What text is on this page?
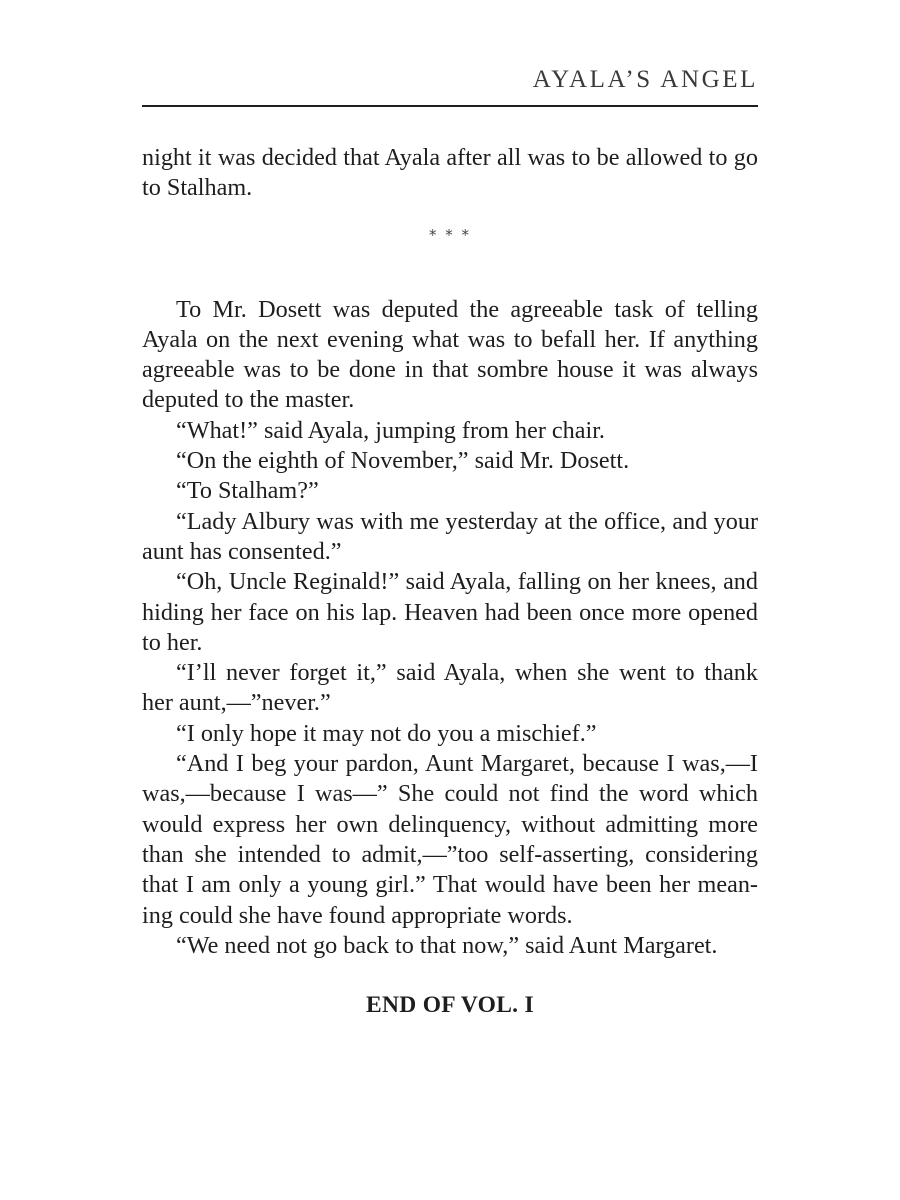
AYALA’S ANGEL

night it was decided that Ayala after all was to be allowed to go to Stalham.

* * *

To Mr. Dosett was deputed the agreeable task of telling Ayala on the next evening what was to befall her. If anything agreeable was to be done in that sombre house it was always deputed to the master.

“What!” said Ayala, jumping from her chair.

“On the eighth of November,” said Mr. Dosett.

“To Stalham?”

“Lady Albury was with me yesterday at the office, and your aunt has consented.”

“Oh, Uncle Reginald!” said Ayala, falling on her knees, and hiding her face on his lap. Heaven had been once more opened to her.

“I’ll never forget it,” said Ayala, when she went to thank her aunt,—”never.”

“I only hope it may not do you a mischief.”

“And I beg your pardon, Aunt Margaret, because I was,—I was,—because I was—” She could not find the word which would express her own delinquency, without admitting more than she intended to admit,—”too self-asserting, considering that I am only a young girl.” That would have been her mean-ing could she have found appropriate words.

“We need not go back to that now,” said Aunt Margaret.

END OF VOL. I
